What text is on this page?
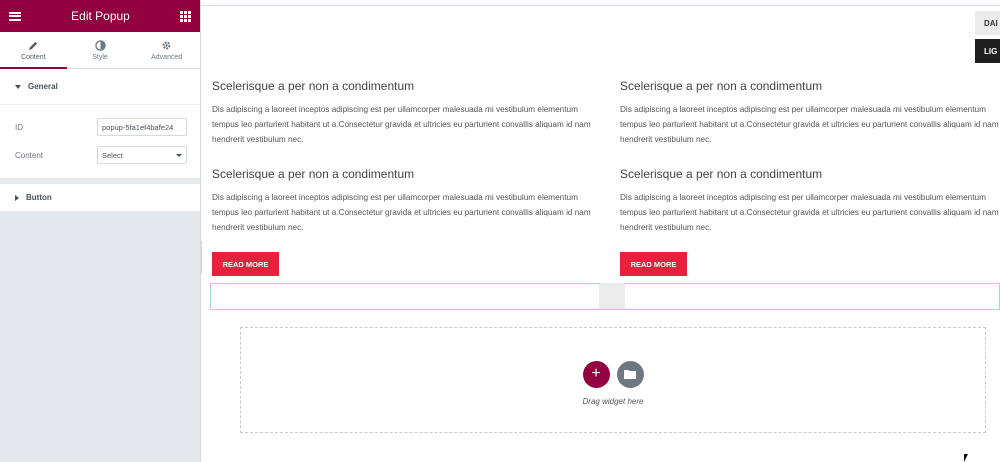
Edit Popup
Content	Style	Advanced
General
ID
popup-5fa1ef4bafe24
Content	Select
Button
DAI
LIG
Scelerisque a per non a condimentum
Dis adipiscing a laoreet inceptos adipiscing est per ullamcorper malesuada mi vestibulum elementum tempus leo parturient habitant ut a.Consectetur gravida et ultricies eu parturient convallis aliquam id nam hendrerit vestibulum nec.
Scelerisque a per non a condimentum
Dis adipiscing a laoreet inceptos adipiscing est per ullamcorper malesuada mi vestibulum elementum tempus leo parturient habitant ut a.Consectetur gravida et ultricies eu parturient convallis aliquam id nam hendrerit vestibulum nec.
Scelerisque a per non a condimentum
Dis adipiscing a laoreet inceptos adipiscing est per ullamcorper malesuada mi vestibulum elementum tempus leo parturient habitant ut a.Consectetur gravida et ultricies eu parturient convallis aliquam id nam hendrerit vestibulum nec.
Scelerisque a per non a condimentum
Dis adipiscing a laoreet inceptos adipiscing est per ullamcorper malesuada mi vestibulum elementum tempus leo parturient habitant ut a.Consectetur gravida et ultricies eu parturient convallis aliquam id nam hendrerit vestibulum nec.
READ MORE	READ MORE
+
Drag widget here
